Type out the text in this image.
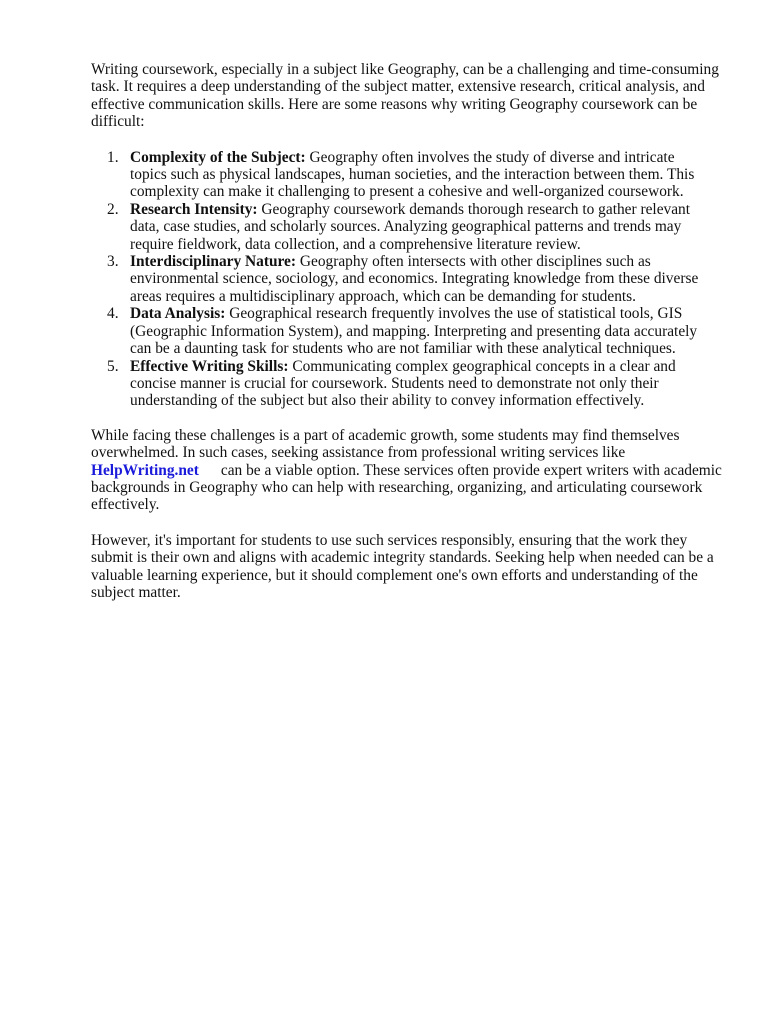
Writing coursework, especially in a subject like Geography, can be a challenging and time-consuming task. It requires a deep understanding of the subject matter, extensive research, critical analysis, and effective communication skills. Here are some reasons why writing Geography coursework can be difficult:

1. Complexity of the Subject: Geography often involves the study of diverse and intricate topics such as physical landscapes, human societies, and the interaction between them. This complexity can make it challenging to present a cohesive and well-organized coursework.
2. Research Intensity: Geography coursework demands thorough research to gather relevant data, case studies, and scholarly sources. Analyzing geographical patterns and trends may require fieldwork, data collection, and a comprehensive literature review.
3. Interdisciplinary Nature: Geography often intersects with other disciplines such as environmental science, sociology, and economics. Integrating knowledge from these diverse areas requires a multidisciplinary approach, which can be demanding for students.
4. Data Analysis: Geographical research frequently involves the use of statistical tools, GIS (Geographic Information System), and mapping. Interpreting and presenting data accurately can be a daunting task for students who are not familiar with these analytical techniques.
5. Effective Writing Skills: Communicating complex geographical concepts in a clear and concise manner is crucial for coursework. Students need to demonstrate not only their understanding of the subject but also their ability to convey information effectively.

While facing these challenges is a part of academic growth, some students may find themselves overwhelmed. In such cases, seeking assistance from professional writing services like
HelpWriting.net can be a viable option. These services often provide expert writers with academic backgrounds in Geography who can help with researching, organizing, and articulating coursework effectively.

However, it's important for students to use such services responsibly, ensuring that the work they submit is their own and aligns with academic integrity standards. Seeking help when needed can be a valuable learning experience, but it should complement one's own efforts and understanding of the subject matter.
